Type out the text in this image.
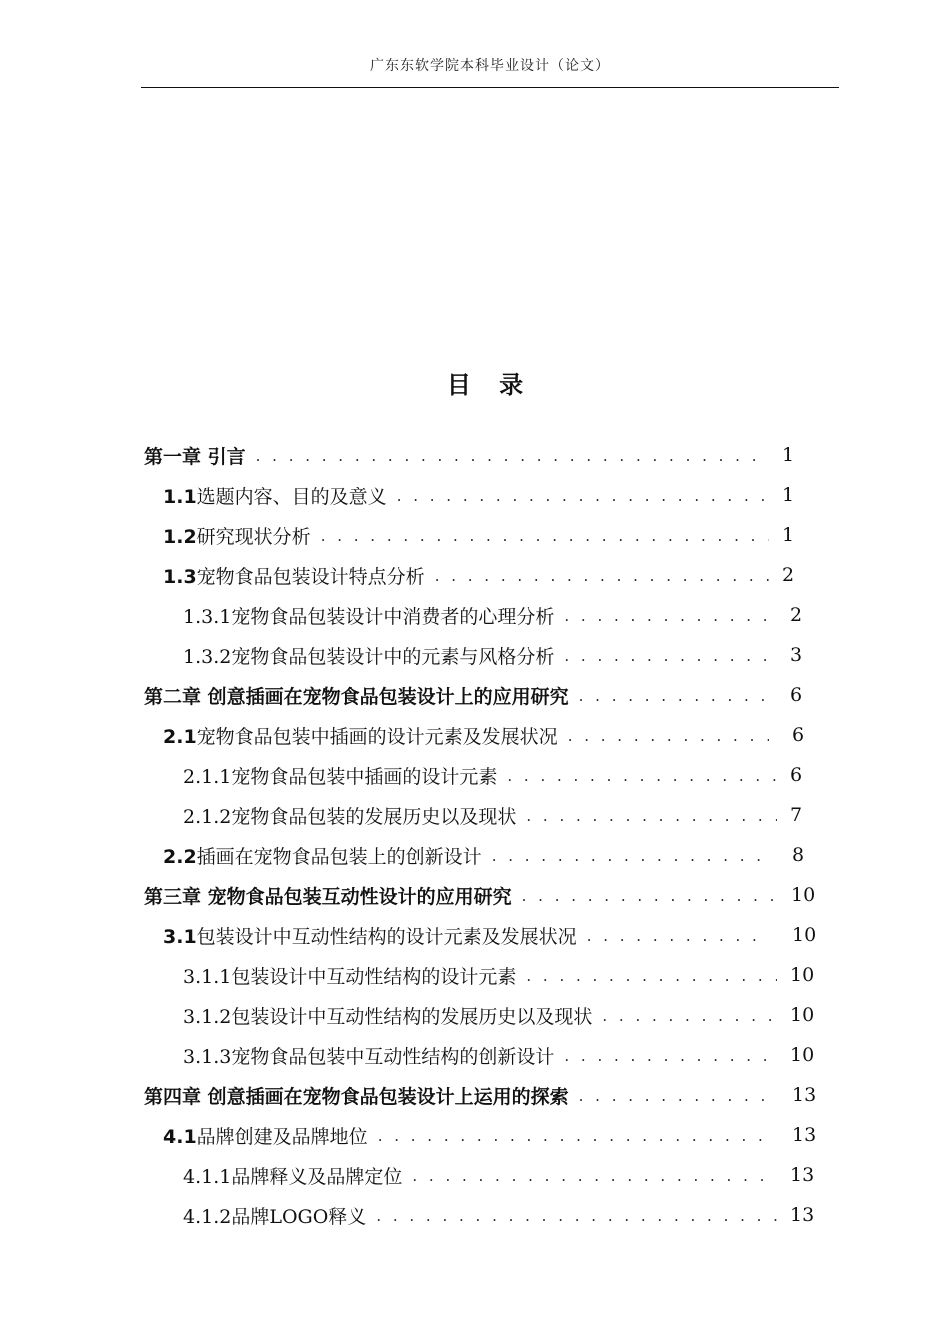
广东东软学院本科毕业设计（论文）
目 录
第一章 引言 . . .	1
1.1选题内容、目的及意义 . . .	1
1.2研究现状分析 . . .	1
1.3宠物食品包装设计特点分析 . . .	2
1.3.1宠物食品包装设计中消费者的心理分析 . . .	2
1.3.2宠物食品包装设计中的元素与风格分析 . . .	3
第二章 创意插画在宠物食品包装设计上的应用研究 . . .	6
2.1宠物食品包装中插画的设计元素及发展状况 . . .	6
2.1.1宠物食品包装中插画的设计元素 . . .	6
2.1.2宠物食品包装的发展历史以及现状 . . .	7
2.2插画在宠物食品包装上的创新设计 . . .	8
第三章 宠物食品包装互动性设计的应用研究 . . .	10
3.1包装设计中互动性结构的设计元素及发展状况 . . .	10
3.1.1包装设计中互动性结构的设计元素 . . .	10
3.1.2包装设计中互动性结构的发展历史以及现状 . . .	10
3.1.3宠物食品包装中互动性结构的创新设计 . . .	10
第四章 创意插画在宠物食品包装设计上运用的探索 . . .	13
4.1品牌创建及品牌地位 . . .	13
4.1.1品牌释义及品牌定位 . . .	13
4.1.2品牌LOGO释义 . . .	13
